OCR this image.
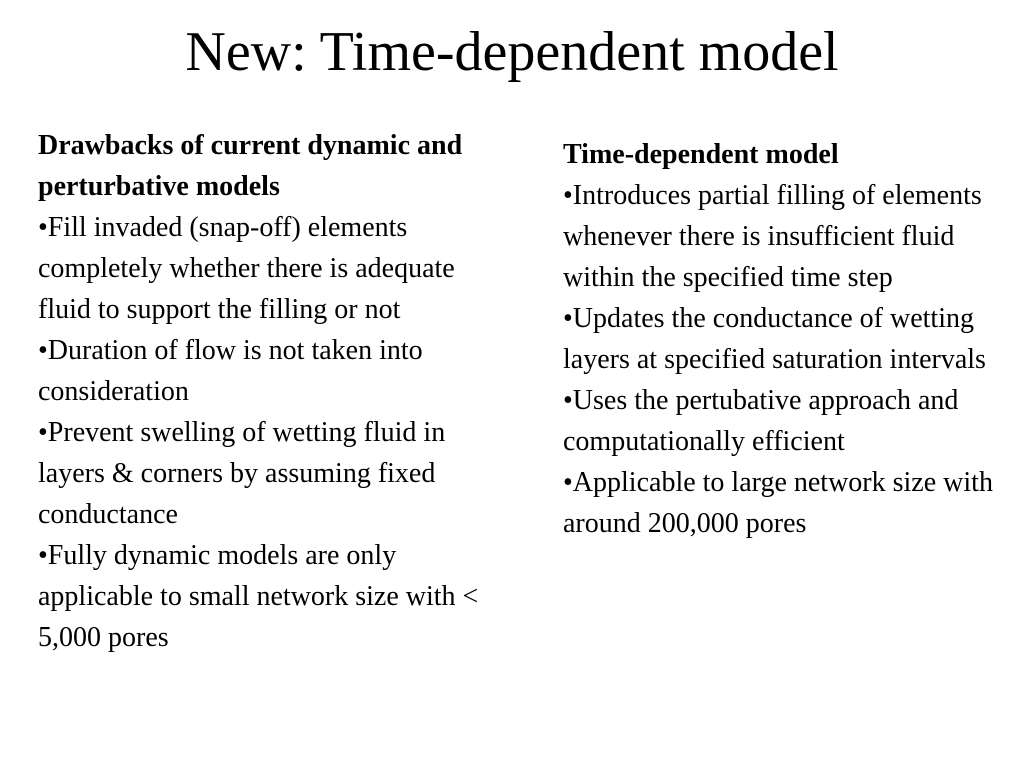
New: Time-dependent model

Drawbacks of current dynamic and perturbative models

•Fill invaded (snap-off) elements completely whether there is adequate fluid to support the filling or not
•Duration of flow is not taken into consideration
•Prevent swelling of wetting fluid in layers & corners by assuming fixed conductance
•Fully dynamic models are only applicable to small network size with < 5,000 pores

Time-dependent model

•Introduces partial filling of elements whenever there is insufficient fluid within the specified time step
•Updates the conductance of wetting layers at specified saturation intervals
•Uses the pertubative approach and computationally efficient
•Applicable to large network size with around 200,000 pores
